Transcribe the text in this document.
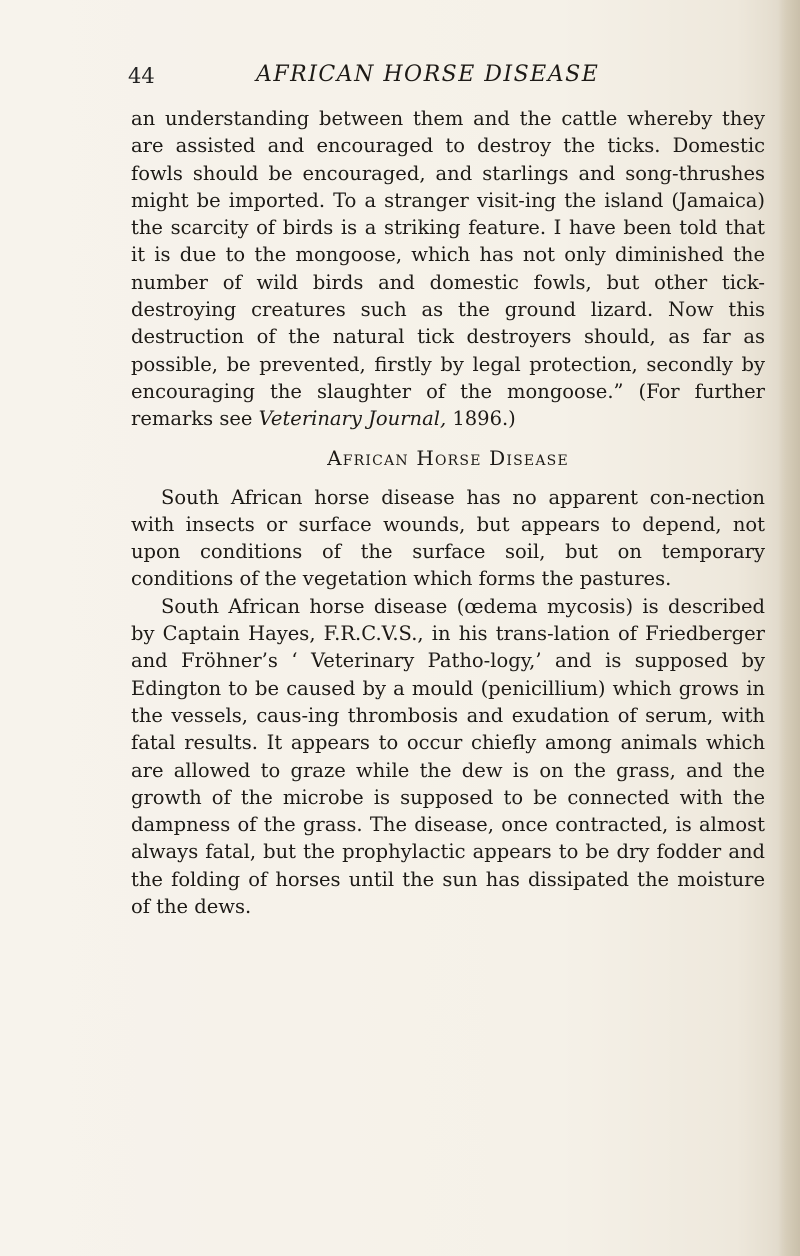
44	AFRICAN HORSE DISEASE

an understanding between them and the cattle whereby they are assisted and encouraged to destroy the ticks. Domestic fowls should be encouraged, and starlings and song-thrushes might be imported. To a stranger visit-ing the island (Jamaica) the scarcity of birds is a striking feature. I have been told that it is due to the mongoose, which has not only diminished the number of wild birds and domestic fowls, but other tick-destroying creatures such as the ground lizard. Now this destruction of the natural tick destroyers should, as far as possible, be prevented, firstly by legal protection, secondly by encouraging the slaughter of the mongoose.” (For further remarks see Veterinary Journal, 1896.)

African Horse Disease

South African horse disease has no apparent con-nection with insects or surface wounds, but appears to depend, not upon conditions of the surface soil, but on temporary conditions of the vegetation which forms the pastures.

South African horse disease (œdema mycosis) is described by Captain Hayes, F.R.C.V.S., in his trans-lation of Friedberger and Fröhner’s ‘ Veterinary Patho-logy,’ and is supposed by Edington to be caused by a mould (penicillium) which grows in the vessels, caus-ing thrombosis and exudation of serum, with fatal results. It appears to occur chiefly among animals which are allowed to graze while the dew is on the grass, and the growth of the microbe is supposed to be connected with the dampness of the grass. The disease, once contracted, is almost always fatal, but the prophylactic appears to be dry fodder and the folding of horses until the sun has dissipated the moisture of the dews.
